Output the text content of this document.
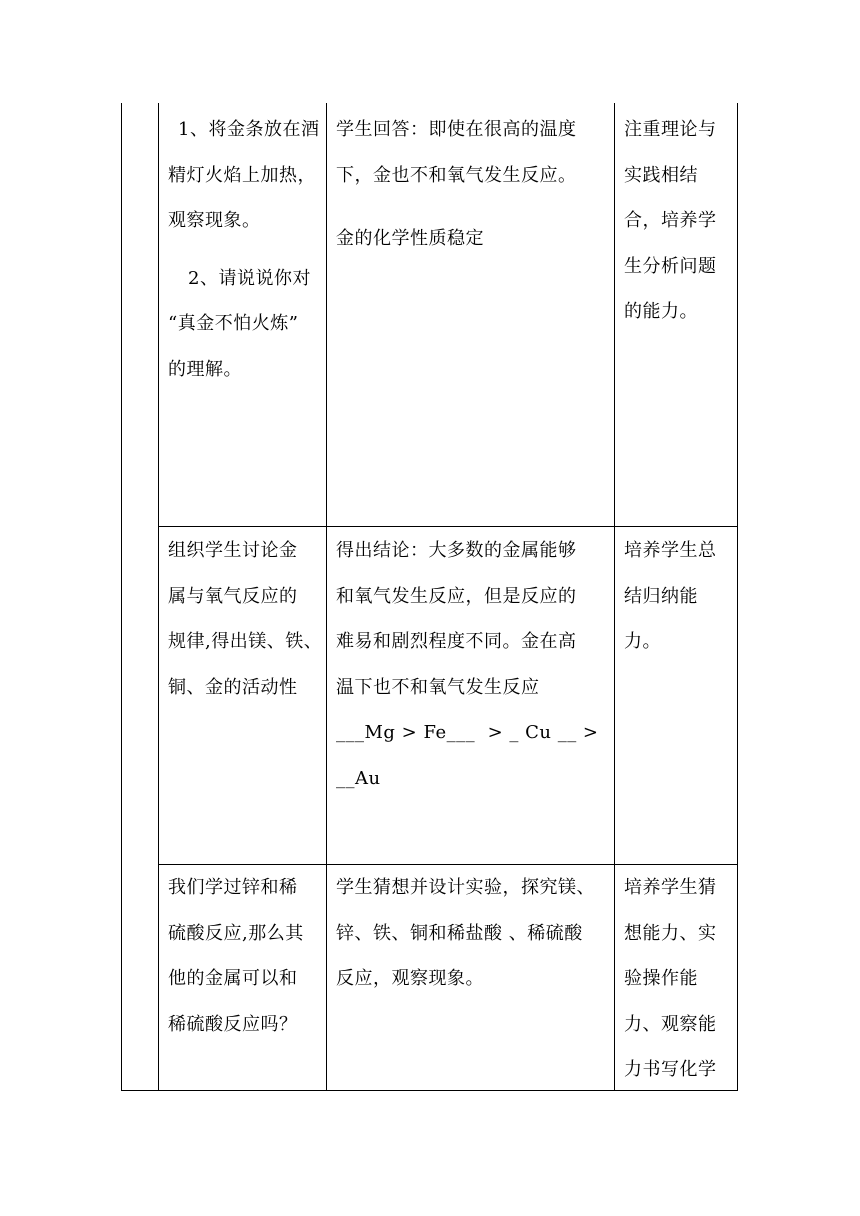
1、将金条放在酒

精灯火焰上加热，

观察现象。

2、请说说你对

“真金不怕火炼”

的理解。

学生回答：即使在很高的温度

下，金也不和氧气发生反应。

金的化学性质稳定

注重理论与

实践相结

合，培养学

生分析问题

的能力。

组织学生讨论金

属与氧气反应的

规律,得出镁、铁、

铜、金的活动性

得出结论：大多数的金属能够

和氧气发生反应，但是反应的

难易和剧烈程度不同。金在高

温下也不和氧气发生反应

___Mg > Fe___  > _ Cu __ >

__Au

培养学生总

结归纳能

力。

我们学过锌和稀

硫酸反应,那么其

他的金属可以和

稀硫酸反应吗？

学生猜想并设计实验，探究镁、

锌、铁、铜和稀盐酸 、稀硫酸

反应，观察现象。

培养学生猜

想能力、实

验操作能

力、观察能

力书写化学
